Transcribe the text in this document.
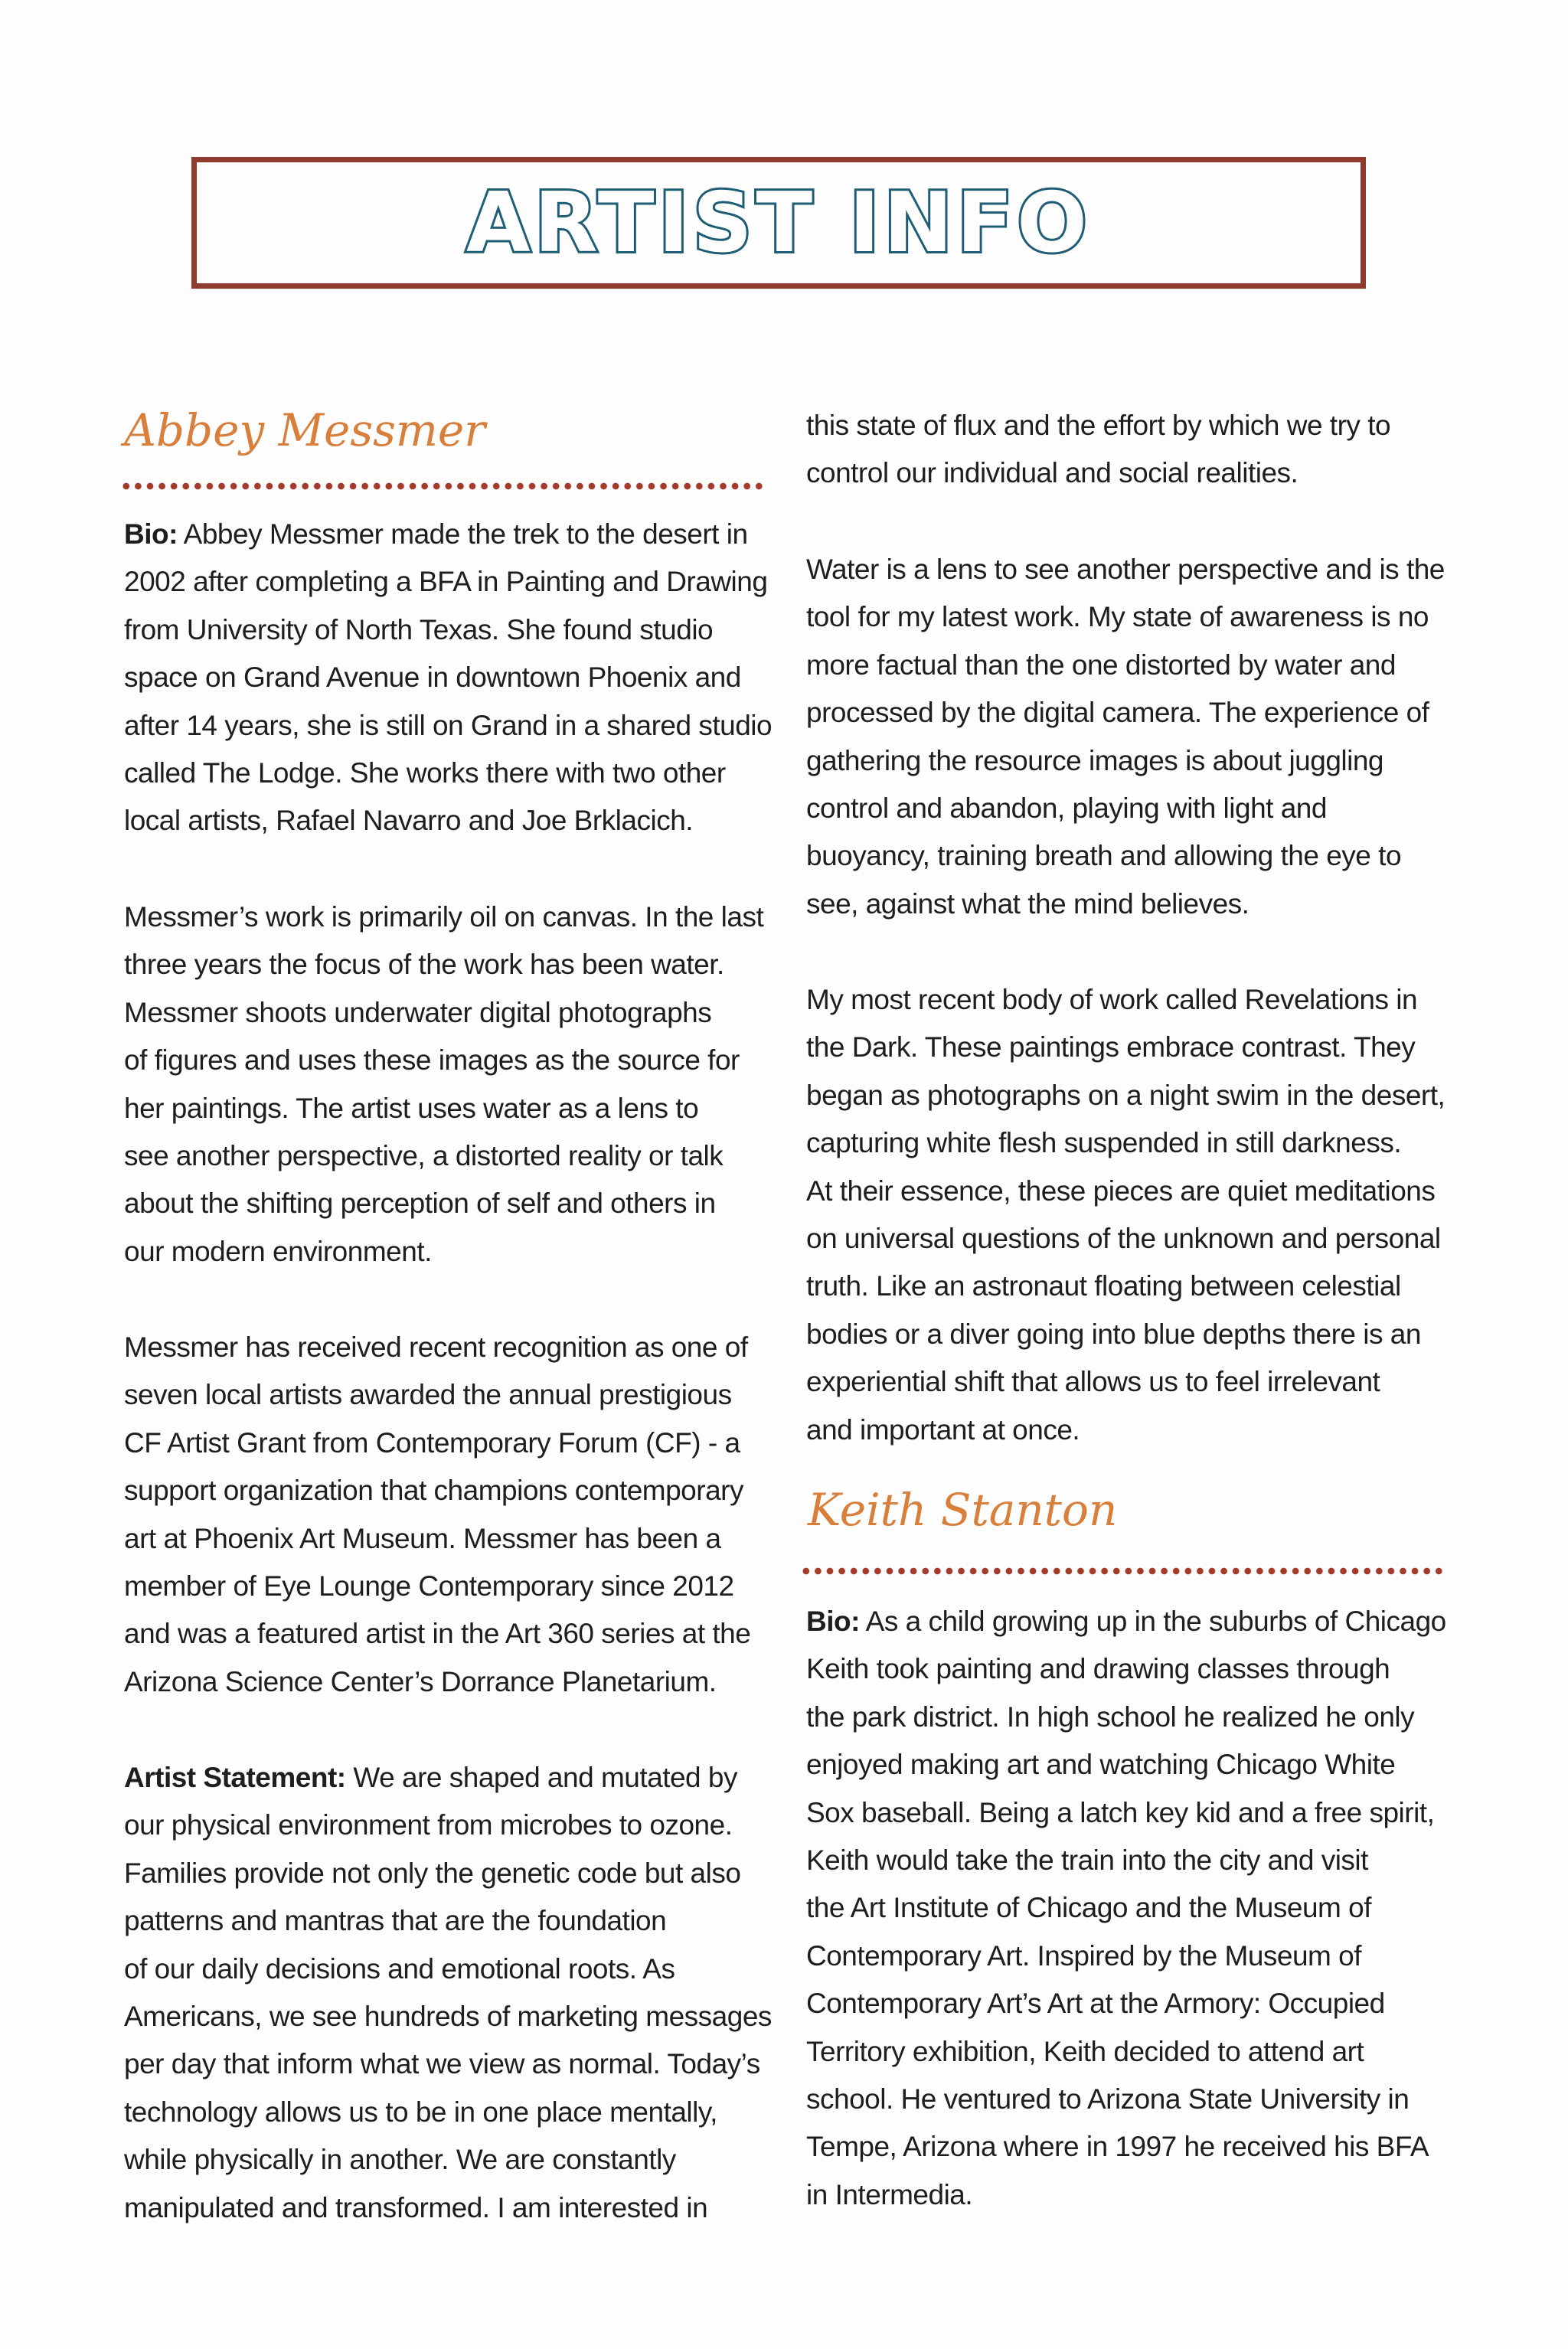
ARTIST INFO
Abbey Messmer
Bio: Abbey Messmer made the trek to the desert in
2002 after completing a BFA in Painting and Drawing
from University of North Texas. She found studio
space on Grand Avenue in downtown Phoenix and
after 14 years, she is still on Grand in a shared studio
called The Lodge. She works there with two other
local artists, Rafael Navarro and Joe Brklacich.
Messmer’s work is primarily oil on canvas. In the last
three years the focus of the work has been water.
Messmer shoots underwater digital photographs
of figures and uses these images as the source for
her paintings. The artist uses water as a lens to
see another perspective, a distorted reality or talk
about the shifting perception of self and others in
our modern environment.
Messmer has received recent recognition as one of
seven local artists awarded the annual prestigious
CF Artist Grant from Contemporary Forum (CF) - a
support organization that champions contemporary
art at Phoenix Art Museum. Messmer has been a
member of Eye Lounge Contemporary since 2012
and was a featured artist in the Art 360 series at the
Arizona Science Center’s Dorrance Planetarium.
Artist Statement: We are shaped and mutated by
our physical environment from microbes to ozone.
Families provide not only the genetic code but also
patterns and mantras that are the foundation
of our daily decisions and emotional roots. As
Americans, we see hundreds of marketing messages
per day that inform what we view as normal. Today’s
technology allows us to be in one place mentally,
while physically in another. We are constantly
manipulated and transformed. I am interested in
this state of flux and the effort by which we try to
control our individual and social realities.
Water is a lens to see another perspective and is the
tool for my latest work. My state of awareness is no
more factual than the one distorted by water and
processed by the digital camera. The experience of
gathering the resource images is about juggling
control and abandon, playing with light and
buoyancy, training breath and allowing the eye to
see, against what the mind believes.
My most recent body of work called Revelations in
the Dark. These paintings embrace contrast. They
began as photographs on a night swim in the desert,
capturing white flesh suspended in still darkness.
At their essence, these pieces are quiet meditations
on universal questions of the unknown and personal
truth. Like an astronaut floating between celestial
bodies or a diver going into blue depths there is an
experiential shift that allows us to feel irrelevant
and important at once.
Keith Stanton
Bio: As a child growing up in the suburbs of Chicago
Keith took painting and drawing classes through
the park district. In high school he realized he only
enjoyed making art and watching Chicago White
Sox baseball. Being a latch key kid and a free spirit,
Keith would take the train into the city and visit
the Art Institute of Chicago and the Museum of
Contemporary Art. Inspired by the Museum of
Contemporary Art’s Art at the Armory: Occupied
Territory exhibition, Keith decided to attend art
school. He ventured to Arizona State University in
Tempe, Arizona where in 1997 he received his BFA
in Intermedia.
